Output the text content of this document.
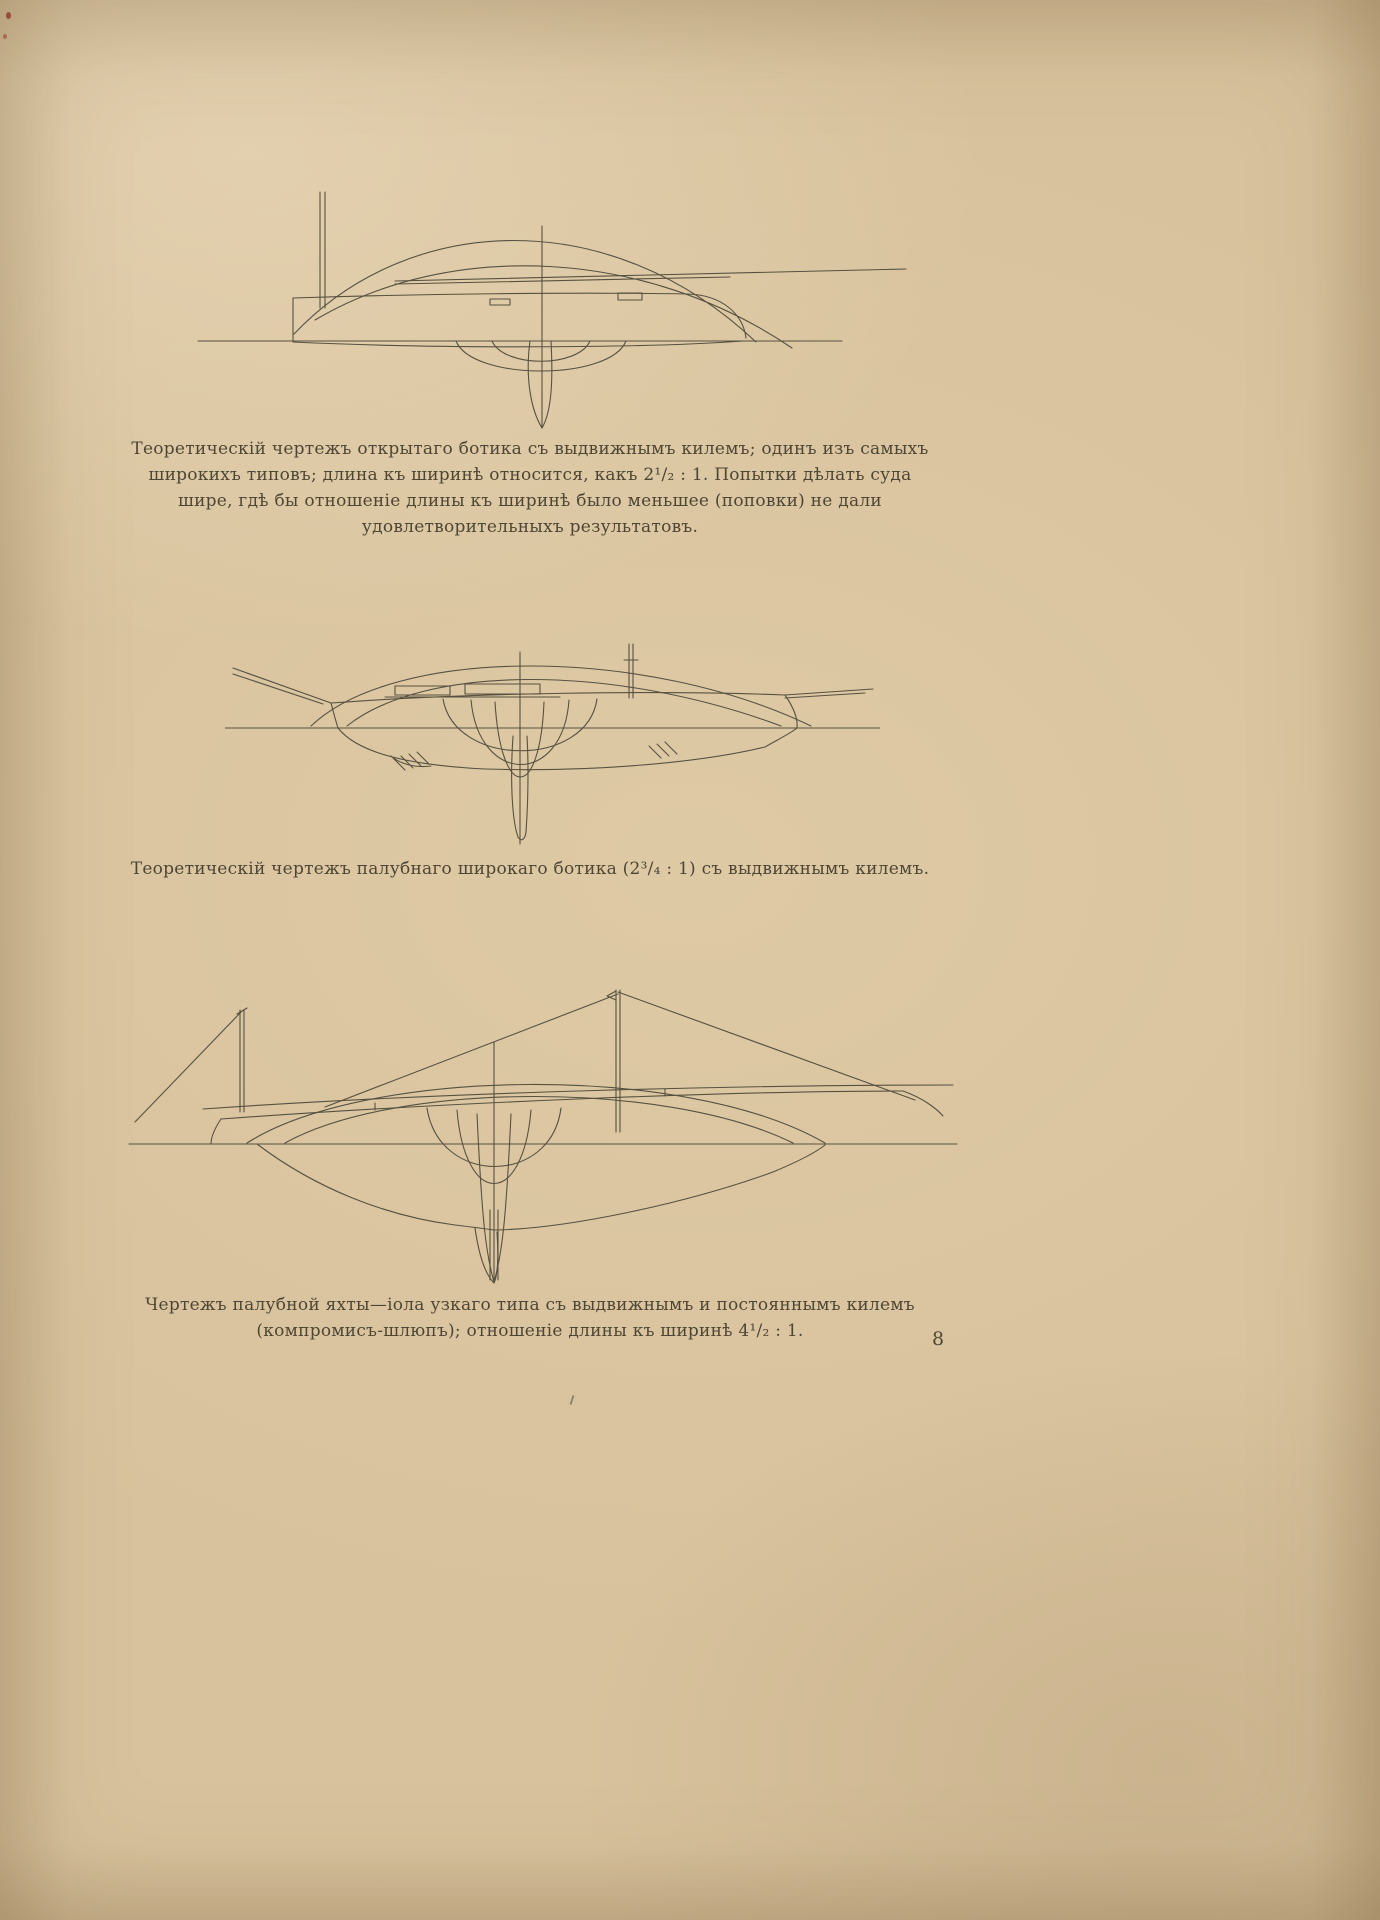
Теоретическій чертежъ открытаго ботика съ выдвижнымъ килемъ; одинъ изъ самыхъ
широкихъ типовъ; длина къ ширинѣ относится, какъ 2¹/₂ : 1. Попытки дѣлать суда
шире, гдѣ бы отношеніе длины къ ширинѣ было меньшее (поповки) не дали
удовлетворительныхъ результатовъ.
Теоретическій чертежъ палубнаго широкаго ботика (2³/₄ : 1) съ выдвижнымъ килемъ.
Чертежъ палубной яхты—іола узкаго типа съ выдвижнымъ и постояннымъ килемъ
(компромисъ-шлюпъ); отношеніе длины къ ширинѣ 4¹/₂ : 1.	8
